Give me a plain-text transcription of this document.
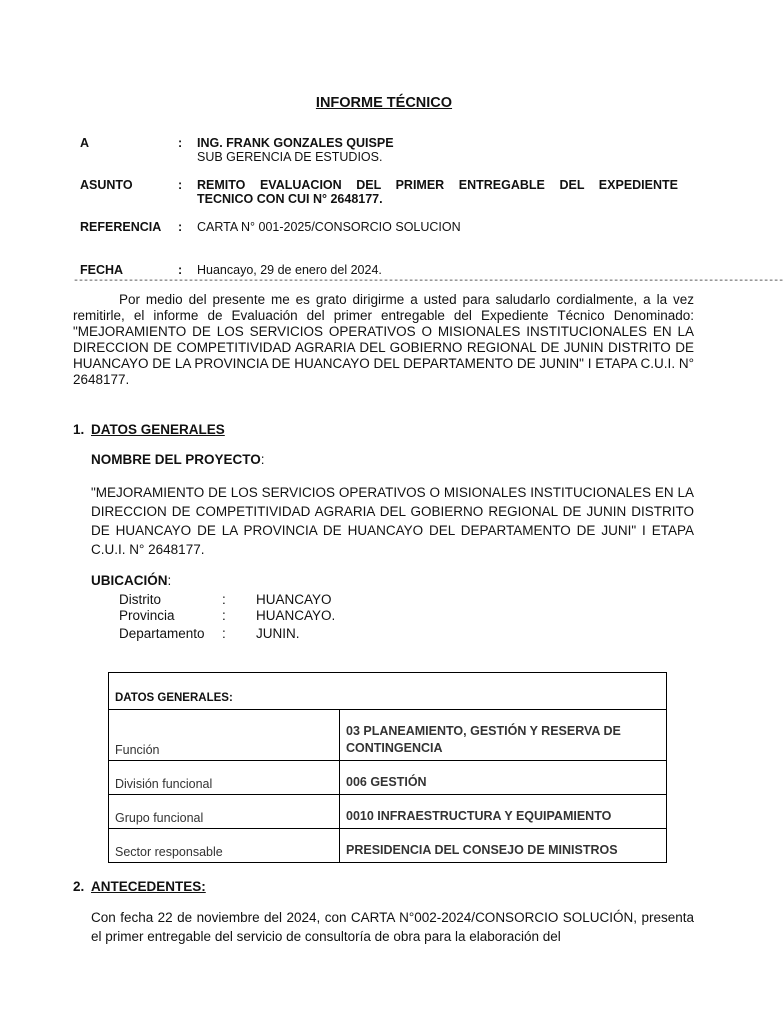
INFORME TÉCNICO
A	: ING. FRANK GONZALES QUISPE
SUB GERENCIA DE ESTUDIOS.
ASUNTO	: REMITO EVALUACION DEL PRIMER ENTREGABLE DEL EXPEDIENTE
TECNICO CON CUI N° 2648177.
REFERENCIA	: CARTA N° 001-2025/CONSORCIO SOLUCION
FECHA	: Huancayo, 29 de enero del 2024.
----------------------------------------------------------------------------------------------------------------------------------------------
Por medio del presente me es grato dirigirme a usted para saludarlo cordialmente, a la vez remitirle, el informe de Evaluación del primer entregable del Expediente Técnico Denominado: "MEJORAMIENTO DE LOS SERVICIOS OPERATIVOS O MISIONALES INSTITUCIONALES EN LA DIRECCION DE COMPETITIVIDAD AGRARIA DEL GOBIERNO REGIONAL DE JUNIN DISTRITO DE HUANCAYO DE LA PROVINCIA DE HUANCAYO DEL DEPARTAMENTO DE JUNIN" I ETAPA C.U.I. N° 2648177.
1. DATOS GENERALES
NOMBRE DEL PROYECTO:
"MEJORAMIENTO DE LOS SERVICIOS OPERATIVOS O MISIONALES INSTITUCIONALES EN LA DIRECCION DE COMPETITIVIDAD AGRARIA DEL GOBIERNO REGIONAL DE JUNIN DISTRITO DE HUANCAYO DE LA PROVINCIA DE HUANCAYO DEL DEPARTAMENTO DE JUNI" I ETAPA C.U.I. N° 2648177.
UBICACIÓN:
Distrito	: HUANCAYO
Provincia	: HUANCAYO.
Departamento : JUNIN.
DATOS GENERALES:	
Función	03 PLANEAMIENTO, GESTIÓN Y RESERVA DE CONTINGENCIA
División funcional	006 GESTIÓN
Grupo funcional	0010 INFRAESTRUCTURA Y EQUIPAMIENTO
Sector responsable	PRESIDENCIA DEL CONSEJO DE MINISTROS
2. ANTECEDENTES:
Con fecha 22 de noviembre del 2024, con CARTA N°002-2024/CONSORCIO SOLUCIÓN, presenta el primer entregable del servicio de consultoría de obra para la elaboración del
